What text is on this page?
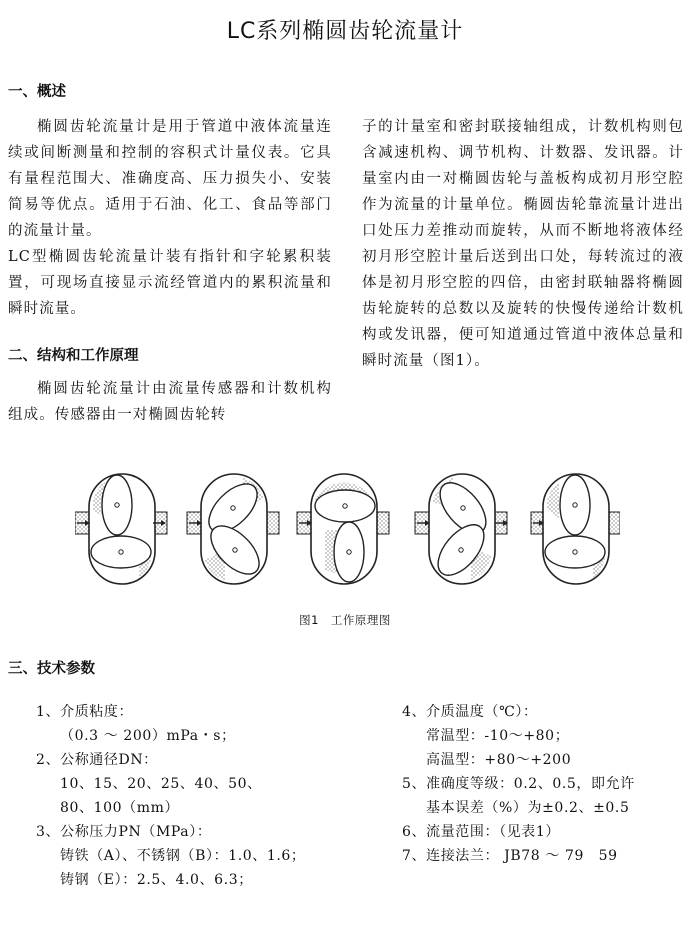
LC系列椭圆齿轮流量计
一、概述

椭圆齿轮流量计是用于管道中液体流量连续或间断测量和控制的容积式计量仪表。它具有量程范围大、准确度高、压力损失小、安装简易等优点。适用于石油、化工、食品等部门的流量计量。

LC型椭圆齿轮流量计装有指针和字轮累积装置，可现场直接显示流经管道内的累积流量和瞬时流量。

二、结构和工作原理

椭圆齿轮流量计由流量传感器和计数机构组成。传感器由一对椭圆齿轮转

子的计量室和密封联接轴组成，计数机构则包含减速机构、调节机构、计数器、发讯器。计量室内由一对椭圆齿轮与盖板构成初月形空腔作为流量的计量单位。椭圆齿轮靠流量计进出口处压力差推动而旋转，从而不断地将液体经初月形空腔计量后送到出口处，每转流过的液体是初月形空腔的四倍，由密封联轴器将椭圆齿轮旋转的总数以及旋转的快慢传递给计数机构或发讯器，便可知道通过管道中液体总量和瞬时流量（图1）。

图1　工作原理图
三、技术参数

1、介质粘度：

（0.3 ～ 200）mPa・s；

2、公称通径DN：

10、15、20、25、40、50、

80、100（mm）

3、公称压力PN（MPa）：

铸铁（A）、不锈钢（B）：1.0、1.6；

铸钢（E）：2.5、4.0、6.3；

4、介质温度（℃）：

常温型：-10～+80；

高温型：+80～+200

5、准确度等级：0.2、0.5，即允许

基本误差（%）为±0.2、±0.5

6、流量范围：（见表1）

7、连接法兰： JB78 ～ 79　59
